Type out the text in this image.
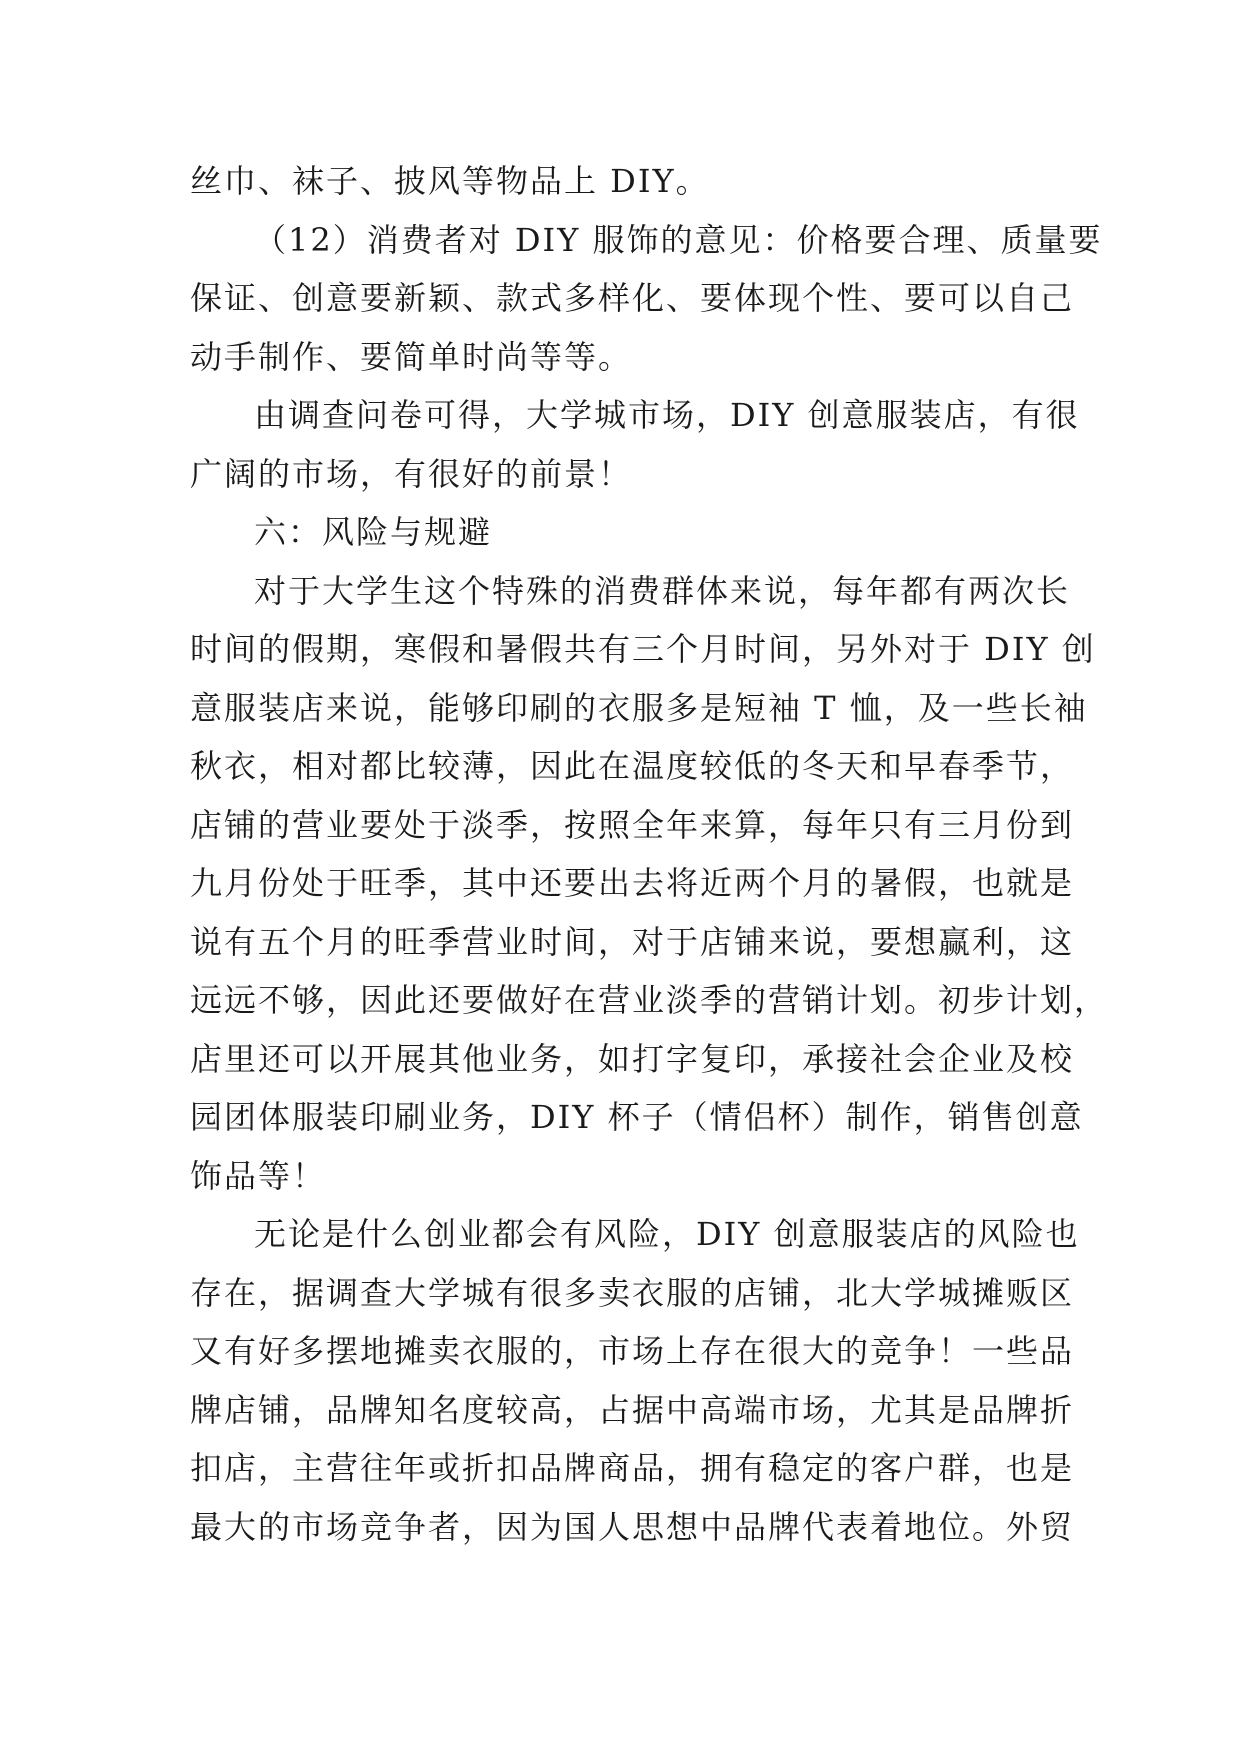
丝巾、袜子、披风等物品上 DIY。
（12）消费者对 DIY 服饰的意见：价格要合理、质量要
保证、创意要新颖、款式多样化、要体现个性、要可以自己
动手制作、要简单时尚等等。
由调查问卷可得，大学城市场，DIY 创意服装店，有很
广阔的市场，有很好的前景！
六：风险与规避
对于大学生这个特殊的消费群体来说，每年都有两次长
时间的假期，寒假和暑假共有三个月时间，另外对于 DIY 创
意服装店来说，能够印刷的衣服多是短袖 T 恤，及一些长袖
秋衣，相对都比较薄，因此在温度较低的冬天和早春季节，
店铺的营业要处于淡季，按照全年来算，每年只有三月份到
九月份处于旺季，其中还要出去将近两个月的暑假，也就是
说有五个月的旺季营业时间，对于店铺来说，要想赢利，这
远远不够，因此还要做好在营业淡季的营销计划。初步计划，
店里还可以开展其他业务，如打字复印，承接社会企业及校
园团体服装印刷业务，DIY 杯子（情侣杯）制作，销售创意
饰品等！
无论是什么创业都会有风险，DIY 创意服装店的风险也
存在，据调查大学城有很多卖衣服的店铺，北大学城摊贩区
又有好多摆地摊卖衣服的，市场上存在很大的竞争！一些品
牌店铺，品牌知名度较高，占据中高端市场，尤其是品牌折
扣店，主营往年或折扣品牌商品，拥有稳定的客户群，也是
最大的市场竞争者，因为国人思想中品牌代表着地位。外贸
